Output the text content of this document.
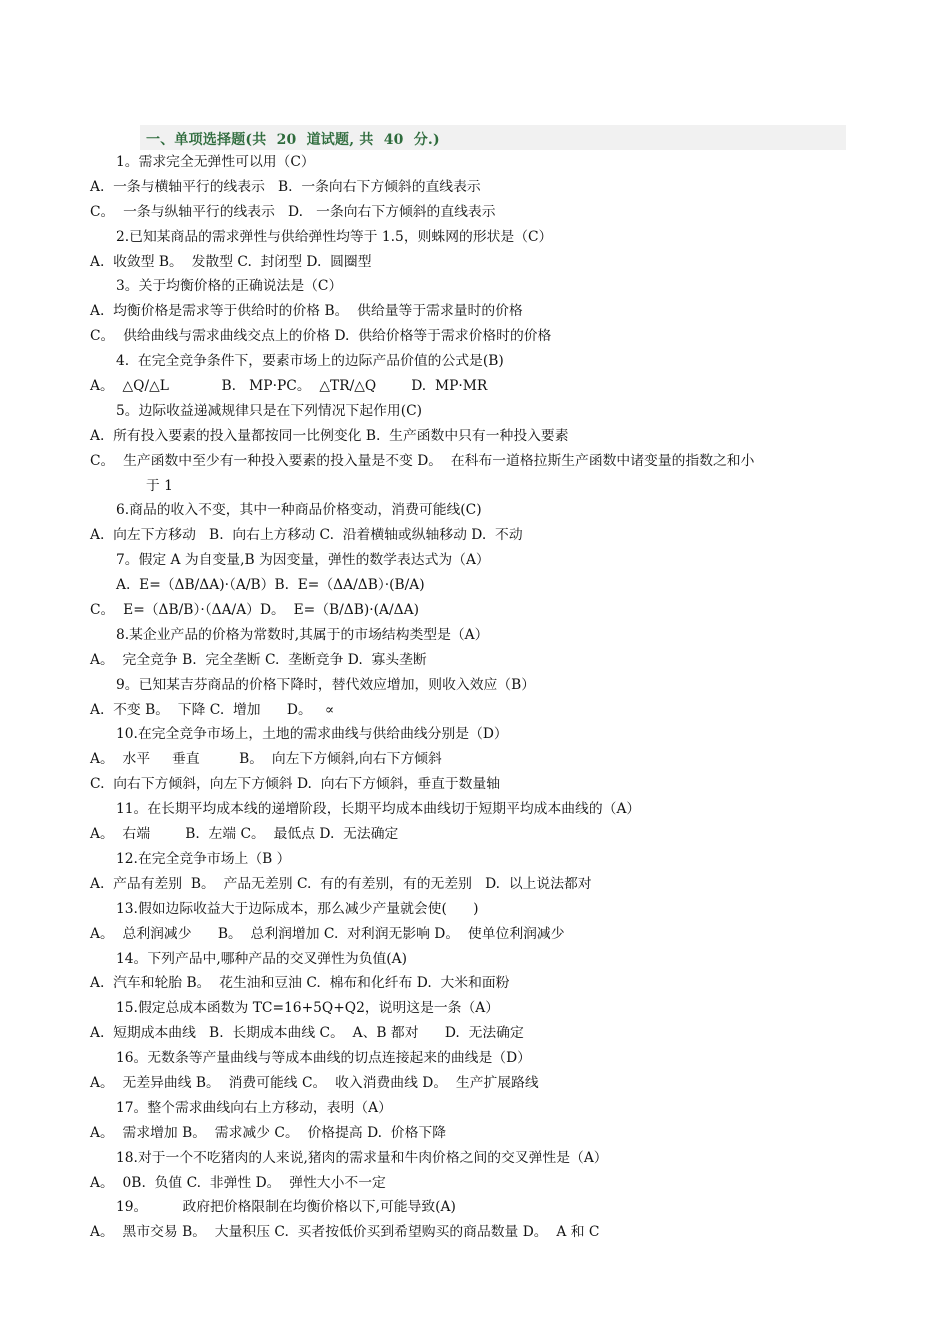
一、单项选择题(共  20  道试题, 共  40  分.)
1。需求完全无弹性可以用（C）
A.  一条与横轴平行的线表示   B.  一条向右下方倾斜的直线表示
C。  一条与纵轴平行的线表示   D.   一条向右下方倾斜的直线表示
2.已知某商品的需求弹性与供给弹性均等于 1.5，则蛛网的形状是（C）
A.  收敛型 B。  发散型 C.  封闭型 D.  圆圈型
3。关于均衡价格的正确说法是（C）
A.  均衡价格是需求等于供给时的价格 B。  供给量等于需求量时的价格
C。  供给曲线与需求曲线交点上的价格 D.  供给价格等于需求价格时的价格
4.  在完全竞争条件下，要素市场上的边际产品价值的公式是(B)
A。  △Q/△L            B.   MP·PC。  △TR/△Q        D.  MP·MR
5。边际收益递减规律只是在下列情况下起作用(C)
A.  所有投入要素的投入量都按同一比例变化 B.  生产函数中只有一种投入要素
C。  生产函数中至少有一种投入要素的投入量是不变 D。  在科布一道格拉斯生产函数中诸变量的指数之和小
于 1
6.商品的收入不变，其中一种商品价格变动，消费可能线(C)
A.  向左下方移动   B.  向右上方移动 C.  沿着横轴或纵轴移动 D.  不动
7。假定 A 为自变量,B 为因变量，弹性的数学表达式为（A）
A.  E=（ΔB/ΔA)·（A/B）B.  E=（ΔA/ΔB）·(B/A)
C。  E=（ΔB/B）·（ΔA/A）D。  E=（B/ΔB)·(A/ΔA)
8.某企业产品的价格为常数时,其属于的市场结构类型是（A）
A。  完全竞争 B.  完全垄断 C.  垄断竞争 D.  寡头垄断
9。已知某吉芬商品的价格下降时，替代效应增加，则收入效应（B）
A.  不变 B。  下降 C.  增加      D。   ∝
10.在完全竞争市场上，土地的需求曲线与供给曲线分别是（D）
A。  水平     垂直         B。  向左下方倾斜,向右下方倾斜
C.  向右下方倾斜，向左下方倾斜 D.  向右下方倾斜，垂直于数量轴
11。在长期平均成本线的递增阶段，长期平均成本曲线切于短期平均成本曲线的（A）
A。  右端        B.  左端 C。  最低点 D.  无法确定
12.在完全竞争市场上（B ）
A.  产品有差别  B。  产品无差别 C.  有的有差别，有的无差别   D.  以上说法都对
13.假如边际收益大于边际成本，那么减少产量就会使(      )
A。  总利润减少      B。  总利润增加 C.  对利润无影响 D。  使单位利润减少
14。下列产品中,哪种产品的交叉弹性为负值(A)
A.  汽车和轮胎 B。  花生油和豆油 C.  棉布和化纤布 D.  大米和面粉
15.假定总成本函数为 TC=16+5Q+Q2，说明这是一条（A）
A.  短期成本曲线   B.  长期成本曲线 C。  A、B 都对      D.  无法确定
16。无数条等产量曲线与等成本曲线的切点连接起来的曲线是（D）
A。  无差异曲线 B。  消费可能线 C。  收入消费曲线 D。  生产扩展路线
17。整个需求曲线向右上方移动，表明（A）
A。  需求增加 B。  需求减少 C。  价格提高 D.  价格下降
18.对于一个不吃猪肉的人来说,猪肉的需求量和牛肉价格之间的交叉弹性是（A）
A。  0B.  负值 C.  非弹性 D。  弹性大小不一定
19。        政府把价格限制在均衡价格以下,可能导致(A)
A。  黑市交易 B。  大量积压 C.  买者按低价买到希望购买的商品数量 D。  A 和 C
